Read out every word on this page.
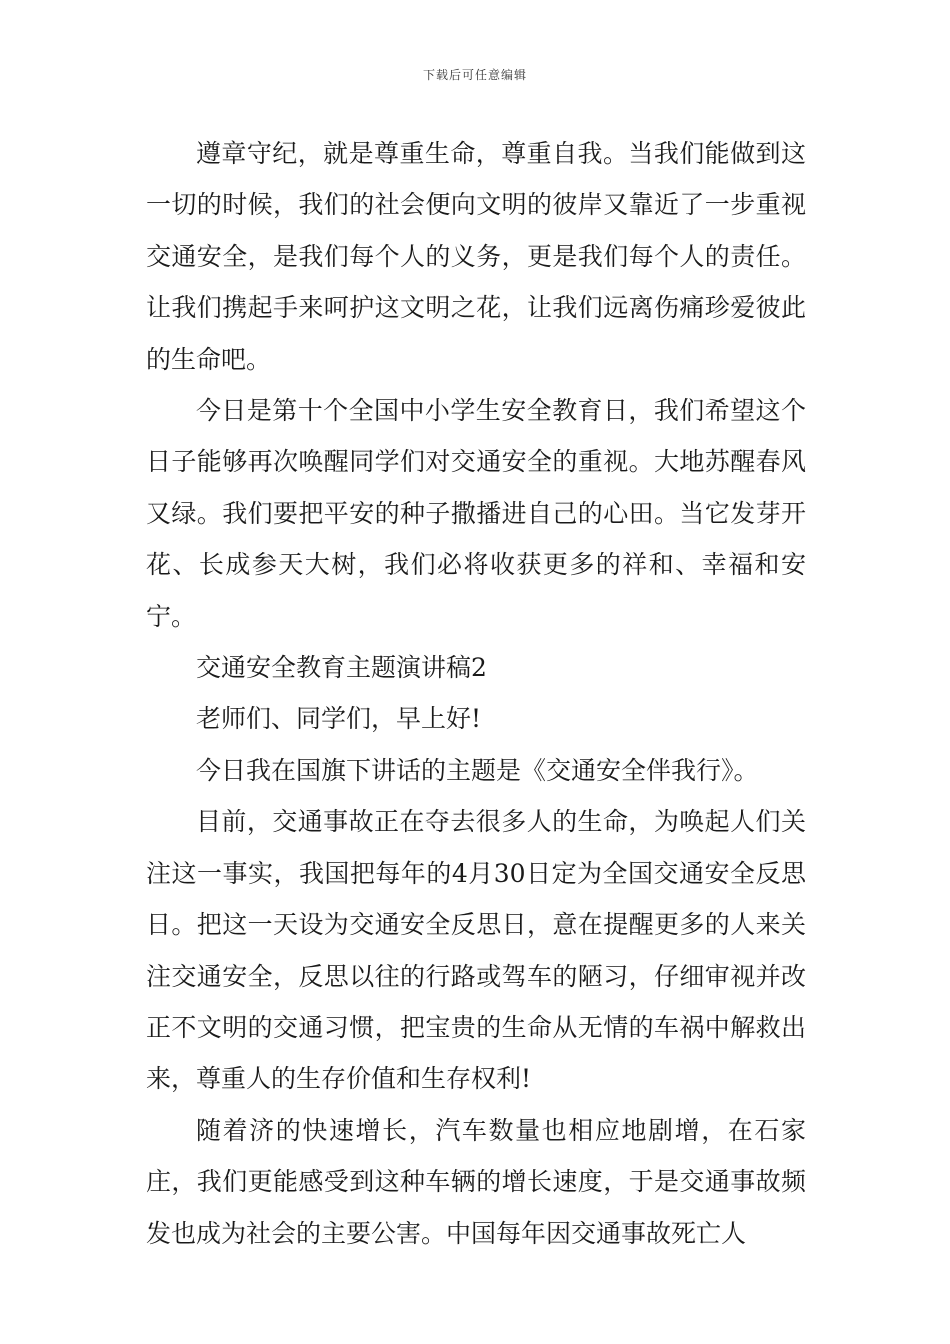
下载后可任意编辑

遵章守纪，就是尊重生命，尊重自我。当我们能做到这一切的时候，我们的社会便向文明的彼岸又靠近了一步重视交通安全，是我们每个人的义务，更是我们每个人的责任。让我们携起手来呵护这文明之花，让我们远离伤痛珍爱彼此的生命吧。

今日是第十个全国中小学生安全教育日，我们希望这个日子能够再次唤醒同学们对交通安全的重视。大地苏醒春风又绿。我们要把平安的种子撒播进自己的心田。当它发芽开花、长成参天大树，我们必将收获更多的祥和、幸福和安宁。

交通安全教育主题演讲稿2

老师们、同学们，早上好!

今日我在国旗下讲话的主题是《交通安全伴我行》。

目前，交通事故正在夺去很多人的生命，为唤起人们关注这一事实，我国把每年的4月30日定为全国交通安全反思日。把这一天设为交通安全反思日，意在提醒更多的人来关注交通安全，反思以往的行路或驾车的陋习，仔细审视并改正不文明的交通习惯，把宝贵的生命从无情的车祸中解救出来，尊重人的生存价值和生存权利!

随着济的快速增长，汽车数量也相应地剧增，在石家庄，我们更能感受到这种车辆的增长速度，于是交通事故频发也成为社会的主要公害。中国每年因交通事故死亡人
